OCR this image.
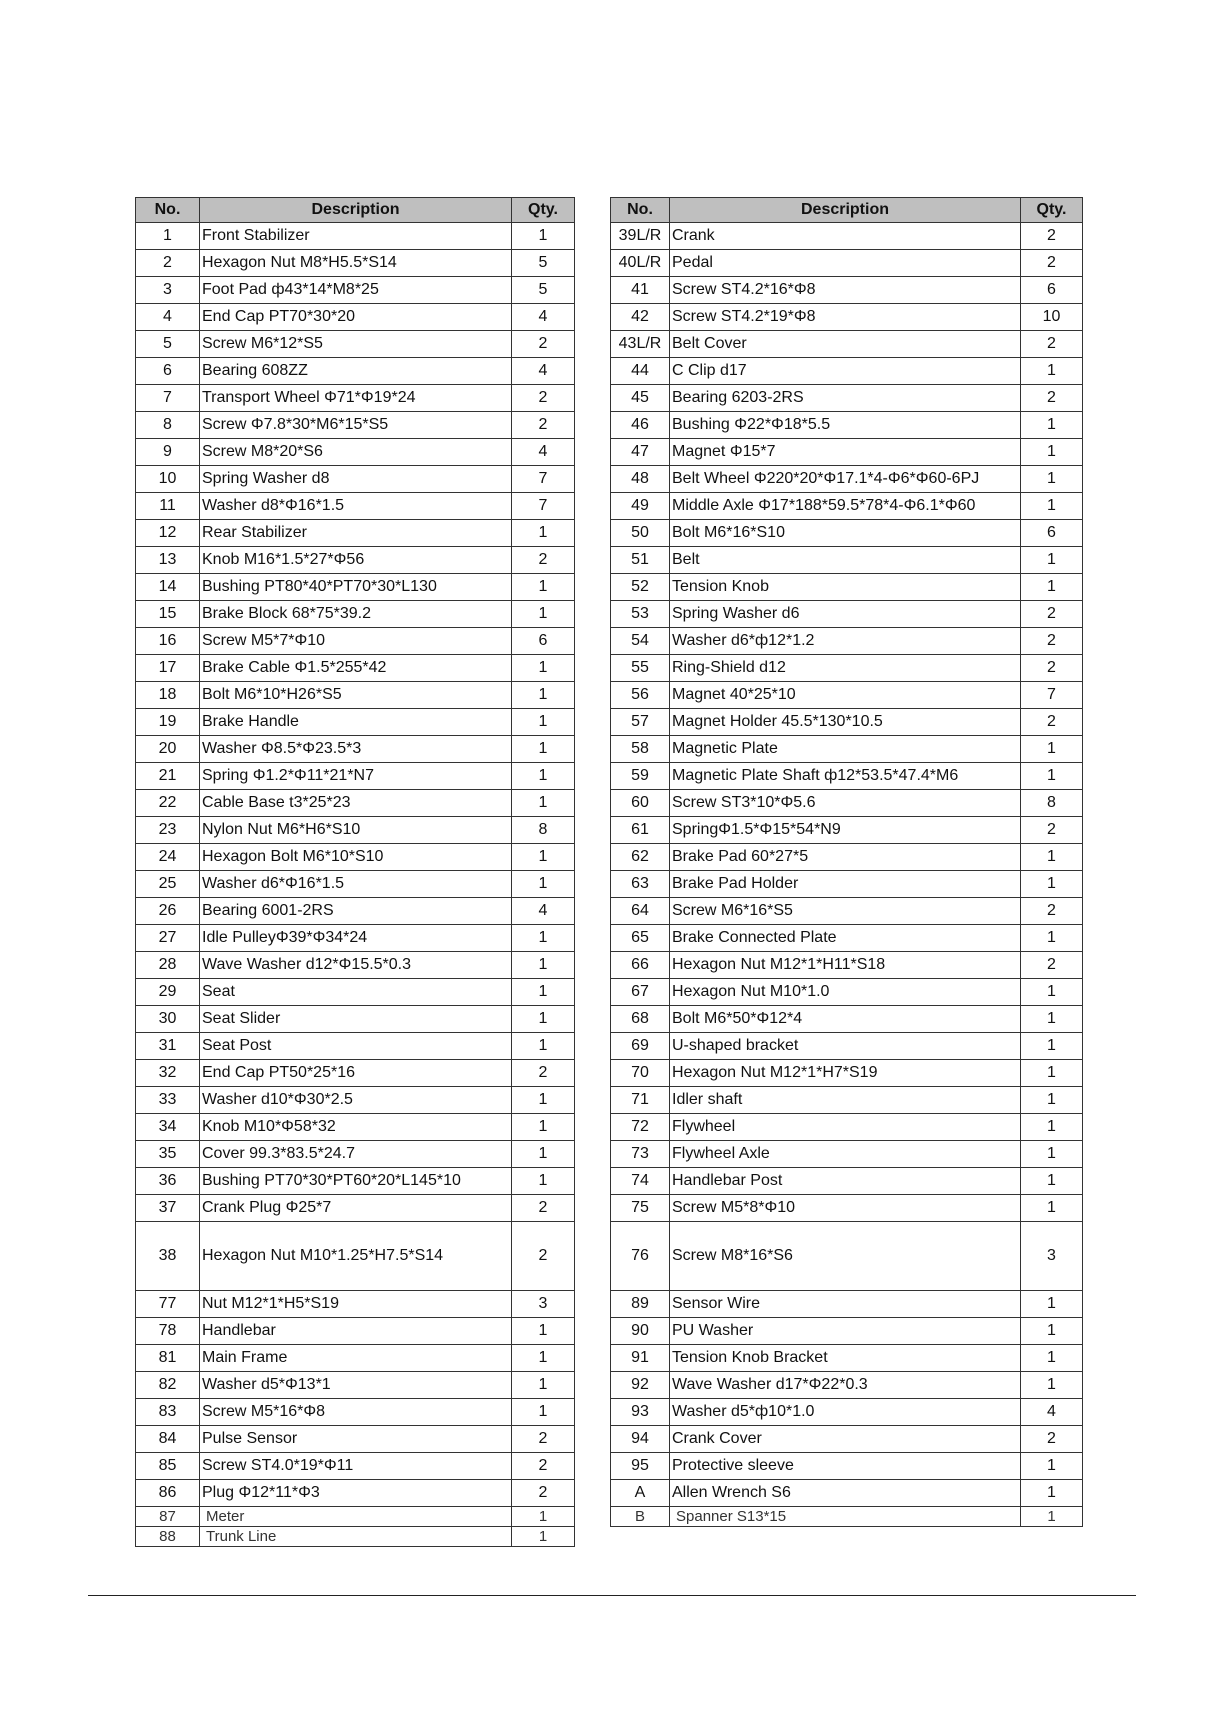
No.	Description	Qty.
1	Front Stabilizer	1
2	Hexagon Nut M8*H5.5*S14	5
3	Foot Pad ф43*14*M8*25	5
4	End Cap PT70*30*20	4
5	Screw M6*12*S5	2
6	Bearing 608ZZ	4
7	Transport Wheel Φ71*Φ19*24	2
8	Screw Φ7.8*30*M6*15*S5	2
9	Screw M8*20*S6	4
10	Spring Washer d8	7
11	Washer d8*Φ16*1.5	7
12	Rear Stabilizer	1
13	Knob M16*1.5*27*Φ56	2
14	Bushing PT80*40*PT70*30*L130	1
15	Brake Block 68*75*39.2	1
16	Screw M5*7*Φ10	6
17	Brake Cable Φ1.5*255*42	1
18	Bolt M6*10*H26*S5	1
19	Brake Handle	1
20	Washer Φ8.5*Φ23.5*3	1
21	Spring Φ1.2*Φ11*21*N7	1
22	Cable Base t3*25*23	1
23	Nylon Nut M6*H6*S10	8
24	Hexagon Bolt M6*10*S10	1
25	Washer d6*Φ16*1.5	1
26	Bearing 6001-2RS	4
27	Idle PulleyΦ39*Φ34*24	1
28	Wave Washer d12*Φ15.5*0.3	1
29	Seat	1
30	Seat Slider	1
31	Seat Post	1
32	End Cap PT50*25*16	2
33	Washer d10*Φ30*2.5	1
34	Knob M10*Φ58*32	1
35	Cover 99.3*83.5*24.7	1
36	Bushing PT70*30*PT60*20*L145*10	1
37	Crank Plug Φ25*7	2
38	Hexagon Nut M10*1.25*H7.5*S14	2
77	Nut M12*1*H5*S19	3
78	Handlebar	1
81	Main Frame	1
82	Washer d5*Φ13*1	1
83	Screw M5*16*Φ8	1
84	Pulse Sensor	2
85	Screw ST4.0*19*Φ11	2
86	Plug Φ12*11*Φ3	2
87	Meter	1
88	Trunk Line	1
No.	Description	Qty.
39L/R	Crank	2
40L/R	Pedal	2
41	Screw ST4.2*16*Φ8	6
42	Screw ST4.2*19*Φ8	10
43L/R	Belt Cover	2
44	C Clip d17	1
45	Bearing 6203-2RS	2
46	Bushing Φ22*Φ18*5.5	1
47	Magnet Φ15*7	1
48	Belt Wheel Φ220*20*Φ17.1*4-Φ6*Φ60-6PJ	1
49	Middle Axle Φ17*188*59.5*78*4-Φ6.1*Φ60	1
50	Bolt M6*16*S10	6
51	Belt	1
52	Tension Knob	1
53	Spring Washer d6	2
54	Washer d6*ф12*1.2	2
55	Ring-Shield d12	2
56	Magnet 40*25*10	7
57	Magnet Holder 45.5*130*10.5	2
58	Magnetic Plate	1
59	Magnetic Plate Shaft ф12*53.5*47.4*M6	1
60	Screw ST3*10*Φ5.6	8
61	SpringΦ1.5*Φ15*54*N9	2
62	Brake Pad 60*27*5	1
63	Brake Pad Holder	1
64	Screw M6*16*S5	2
65	Brake Connected Plate	1
66	Hexagon Nut M12*1*H11*S18	2
67	Hexagon Nut M10*1.0	1
68	Bolt M6*50*Φ12*4	1
69	U-shaped bracket	1
70	Hexagon Nut M12*1*H7*S19	1
71	Idler shaft	1
72	Flywheel	1
73	Flywheel Axle	1
74	Handlebar Post	1
75	Screw M5*8*Φ10	1
76	Screw M8*16*S6	3
89	Sensor Wire	1
90	PU Washer	1
91	Tension Knob Bracket	1
92	Wave Washer d17*Φ22*0.3	1
93	Washer d5*ф10*1.0	4
94	Crank Cover	2
95	Protective sleeve	1
A	Allen Wrench S6	1
B	Spanner S13*15	1
